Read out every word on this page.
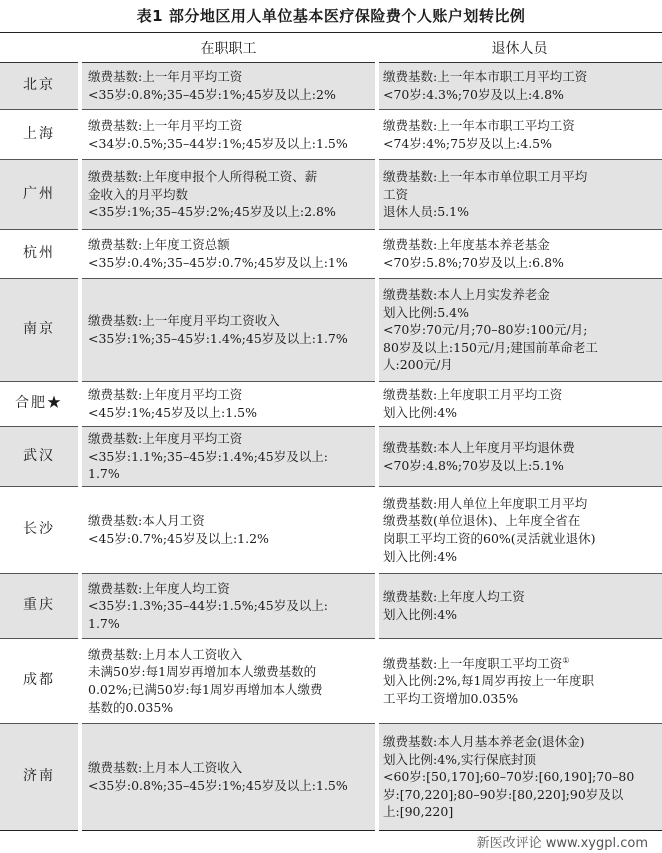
表1 部分地区用人单位基本医疗保险费个人账户划转比例
	在职职工	退休人员
北京	缴费基数:上一年月平均工资
<35岁:0.8%;35–45岁:1%;45岁及以上:2%	缴费基数:上一年本市职工月平均工资
<70岁:4.3%;70岁及以上:4.8%

上海	缴费基数:上一年月平均工资
<34岁:0.5%;35–44岁:1%;45岁及以上:1.5%	缴费基数:上一年本市职工平均工资
<74岁:4%;75岁及以上:4.5%

广州	缴费基数:上年度申报个人所得税工资、薪
金收入的月平均数
<35岁:1%;35–45岁:2%;45岁及以上:2.8%	缴费基数:上一年本市单位职工月平均
工资
退休人员:5.1%

杭州	缴费基数:上年度工资总额
<35岁:0.4%;35–45岁:0.7%;45岁及以上:1%	缴费基数:上年度基本养老基金
<70岁:5.8%;70岁及以上:6.8%

南京	缴费基数:上一年度月平均工资收入
<35岁:1%;35–45岁:1.4%;45岁及以上:1.7%	缴费基数:本人上月实发养老金
划入比例:5.4%
<70岁:70元/月;70–80岁:100元/月;
80岁及以上:150元/月;建国前革命老工
人:200元/月

合肥★	缴费基数:上年度月平均工资
<45岁:1%;45岁及以上:1.5%	缴费基数:上年度职工月平均工资
划入比例:4%

武汉	缴费基数:上年度月平均工资
<35岁:1.1%;35–45岁:1.4%;45岁及以上:
1.7%	缴费基数:本人上年度月平均退休费
<70岁:4.8%;70岁及以上:5.1%

长沙	缴费基数:本人月工资
<45岁:0.7%;45岁及以上:1.2%	缴费基数:用人单位上年度职工月平均
缴费基数(单位退休)、上年度全省在
岗职工平均工资的60%(灵活就业退休)
划入比例:4%

重庆	缴费基数:上年度人均工资
<35岁:1.3%;35–44岁:1.5%;45岁及以上:
1.7%	缴费基数:上年度人均工资
划入比例:4%

成都	缴费基数:上月本人工资收入
未满50岁:每1周岁再增加本人缴费基数的
0.02%;已满50岁:每1周岁再增加本人缴费
基数的0.035%	缴费基数:上一年度职工平均工资①
划入比例:2%,每1周岁再按上一年度职
工平均工资增加0.035%

济南	缴费基数:上月本人工资收入
<35岁:0.8%;35–45岁:1%;45岁及以上:1.5%	缴费基数:本人月基本养老金(退休金)
划入比例:4%,实行保底封顶
<60岁:[50,170];60–70岁:[60,190];70–80
岁:[70,220];80–90岁:[80,220];90岁及以
上:[90,220]
新医改评论 www.xygpl.com
